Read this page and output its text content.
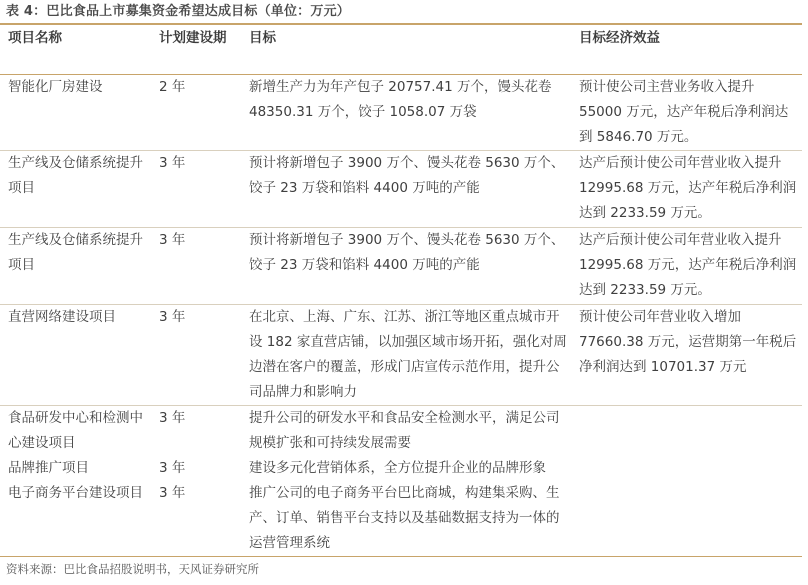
表 4：巴比食品上市募集资金希望达成目标（单位：万元）
项目名称	计划建设期	目标	目标经济效益
智能化厂房建设	2 年	新增生产力为年产包子 20757.41 万个，馒头花卷 48350.31 万个，饺子 1058.07 万袋	预计使公司主营业务收入提升 55000 万元，达产年税后净利润达到 5846.70 万元。
生产线及仓储系统提升项目	3 年	预计将新增包子 3900 万个、馒头花卷 5630 万个、饺子 23 万袋和馅料 4400 万吨的产能	达产后预计使公司年营业收入提升 12995.68 万元，达产年税后净利润达到 2233.59 万元。
生产线及仓储系统提升项目	3 年	预计将新增包子 3900 万个、馒头花卷 5630 万个、饺子 23 万袋和馅料 4400 万吨的产能	达产后预计使公司年营业收入提升 12995.68 万元，达产年税后净利润达到 2233.59 万元。
直营网络建设项目	3 年	在北京、上海、广东、江苏、浙江等地区重点城市开设 182 家直营店铺，以加强区域市场开拓，强化对周边潜在客户的覆盖，形成门店宣传示范作用，提升公司品牌力和影响力	预计使公司年营业收入增加 77660.38 万元，运营期第一年税后净利润达到 10701.37 万元
食品研发中心和检测中心建设项目	3 年	提升公司的研发水平和食品安全检测水平，满足公司规模扩张和可持续发展需要	
品牌推广项目	3 年	建设多元化营销体系，全方位提升企业的品牌形象	
电子商务平台建设项目	3 年	推广公司的电子商务平台巴比商城，构建集采购、生产、订单、销售平台支持以及基础数据支持为一体的运营管理系统	
资料来源：巴比食品招股说明书，天风证券研究所
